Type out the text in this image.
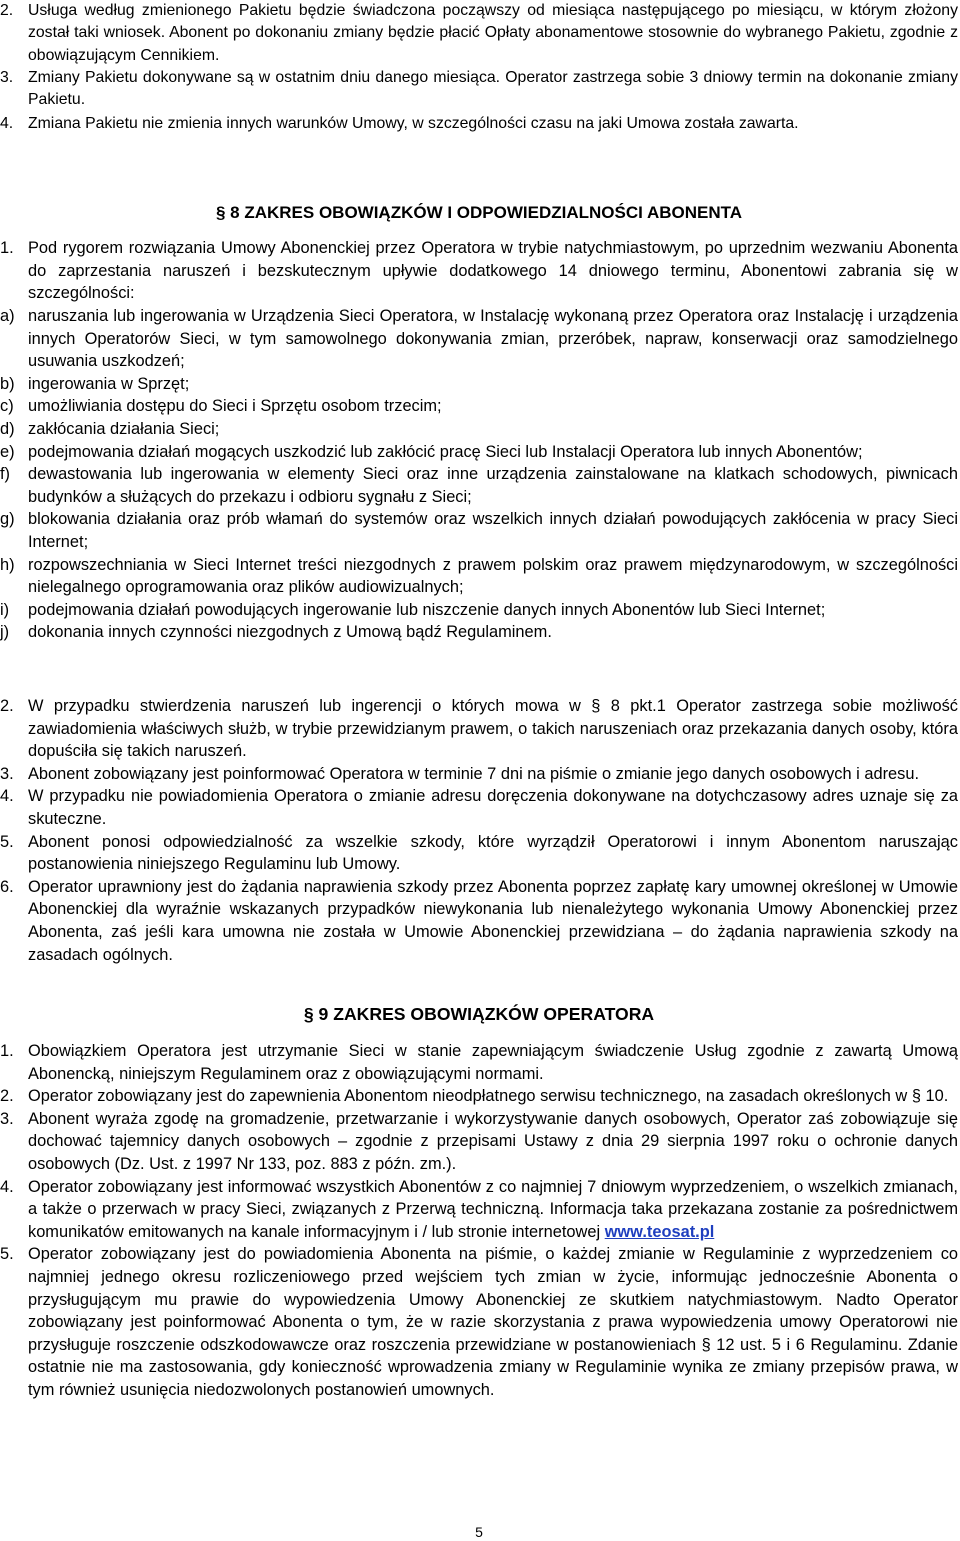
2. Usługa według zmienionego Pakietu będzie świadczona począwszy od miesiąca następującego po miesiącu, w którym złożony został taki wniosek. Abonent po dokonaniu zmiany będzie płacić Opłaty abonamentowe stosownie do wybranego Pakietu, zgodnie z obowiązującym Cennikiem.
3. Zmiany Pakietu dokonywane są w ostatnim dniu danego miesiąca. Operator zastrzega sobie 3 dniowy termin na dokonanie zmiany Pakietu.
4. Zmiana Pakietu nie zmienia innych warunków Umowy, w szczególności czasu na jaki Umowa została zawarta.
§ 8 ZAKRES OBOWIĄZKÓW I ODPOWIEDZIALNOŚCI ABONENTA
1. Pod rygorem rozwiązania Umowy Abonenckiej przez Operatora w trybie natychmiastowym, po uprzednim wezwaniu Abonenta do zaprzestania naruszeń i bezskutecznym upływie dodatkowego 14 dniowego terminu, Abonentowi zabrania się w szczególności:
a) naruszania lub ingerowania w Urządzenia Sieci Operatora, w Instalację wykonaną przez Operatora oraz Instalację i urządzenia innych Operatorów Sieci, w tym samowolnego dokonywania zmian, przeróbek, napraw, konserwacji oraz samodzielnego usuwania uszkodzeń;
b) ingerowania w Sprzęt;
c) umożliwiania dostępu do Sieci i Sprzętu osobom trzecim;
d) zakłócania działania Sieci;
e) podejmowania działań mogących uszkodzić lub zakłócić pracę Sieci lub Instalacji Operatora lub innych Abonentów;
f)	dewastowania lub ingerowania w elementy Sieci oraz inne urządzenia zainstalowane na klatkach schodowych, piwnicach budynków a służących do przekazu i odbioru sygnału z Sieci;
g) blokowania działania oraz prób włamań do systemów oraz wszelkich innych działań powodujących zakłócenia w pracy Sieci Internet;
h) rozpowszechniania w Sieci Internet treści niezgodnych z prawem polskim oraz prawem międzynarodowym, w szczególności nielegalnego oprogramowania oraz plików audiowizualnych;
i)	podejmowania działań powodujących ingerowanie lub niszczenie danych innych Abonentów lub Sieci Internet;
j)	dokonania innych czynności niezgodnych z Umową bądź Regulaminem.
2. W przypadku stwierdzenia naruszeń lub ingerencji o których mowa w § 8 pkt.1 Operator zastrzega sobie możliwość zawiadomienia właściwych służb, w trybie przewidzianym prawem, o takich naruszeniach oraz przekazania danych osoby, która dopuściła się takich naruszeń.
3. Abonent zobowiązany jest poinformować Operatora w terminie 7 dni na piśmie o zmianie jego danych osobowych i adresu.
4. W przypadku nie powiadomienia Operatora o zmianie adresu doręczenia dokonywane na dotychczasowy adres uznaje się za skuteczne.
5. Abonent ponosi odpowiedzialność za wszelkie szkody, które wyrządził Operatorowi i innym Abonentom naruszając postanowienia niniejszego Regulaminu lub Umowy.
6. Operator uprawniony jest do żądania naprawienia szkody przez Abonenta poprzez zapłatę kary umownej określonej w Umowie Abonenckiej dla wyraźnie wskazanych przypadków niewykonania lub nienależytego wykonania Umowy Abonenckiej przez Abonenta, zaś jeśli kara umowna nie została w Umowie Abonenckiej przewidziana – do żądania naprawienia szkody na zasadach ogólnych.
§ 9 ZAKRES OBOWIĄZKÓW OPERATORA
1. Obowiązkiem Operatora jest utrzymanie Sieci w stanie zapewniającym świadczenie Usług zgodnie z zawartą Umową Abonencką, niniejszym Regulaminem oraz z obowiązującymi normami.
2. Operator zobowiązany jest do zapewnienia Abonentom nieodpłatnego serwisu technicznego, na zasadach określonych w § 10.
3. Abonent wyraża zgodę na gromadzenie, przetwarzanie i wykorzystywanie danych osobowych, Operator zaś zobowiązuje się dochować tajemnicy danych osobowych – zgodnie z przepisami Ustawy z dnia 29 sierpnia 1997 roku o ochronie danych osobowych (Dz. Ust. z 1997 Nr 133, poz. 883 z późn. zm.).
4. Operator zobowiązany jest informować wszystkich Abonentów z co najmniej 7 dniowym wyprzedzeniem, o wszelkich zmianach, a także o przerwach w pracy Sieci, związanych z Przerwą techniczną. Informacja taka przekazana zostanie za pośrednictwem komunikatów emitowanych na kanale informacyjnym i / lub stronie internetowej www.teosat.pl
5. Operator zobowiązany jest do powiadomienia Abonenta na piśmie, o każdej zmianie w Regulaminie z wyprzedzeniem co najmniej jednego okresu rozliczeniowego przed wejściem tych zmian w życie, informując jednocześnie Abonenta o przysługującym mu prawie do wypowiedzenia Umowy Abonenckiej ze skutkiem natychmiastowym. Nadto Operator zobowiązany jest poinformować Abonenta o tym, że w razie skorzystania z prawa wypowiedzenia umowy Operatorowi nie przysługuje roszczenie odszkodowawcze oraz roszczenia przewidziane w postanowieniach § 12 ust. 5 i 6 Regulaminu. Zdanie ostatnie nie ma zastosowania, gdy konieczność wprowadzenia zmiany w Regulaminie wynika ze zmiany przepisów prawa, w tym również usunięcia niedozwolonych postanowień umownych.
5
